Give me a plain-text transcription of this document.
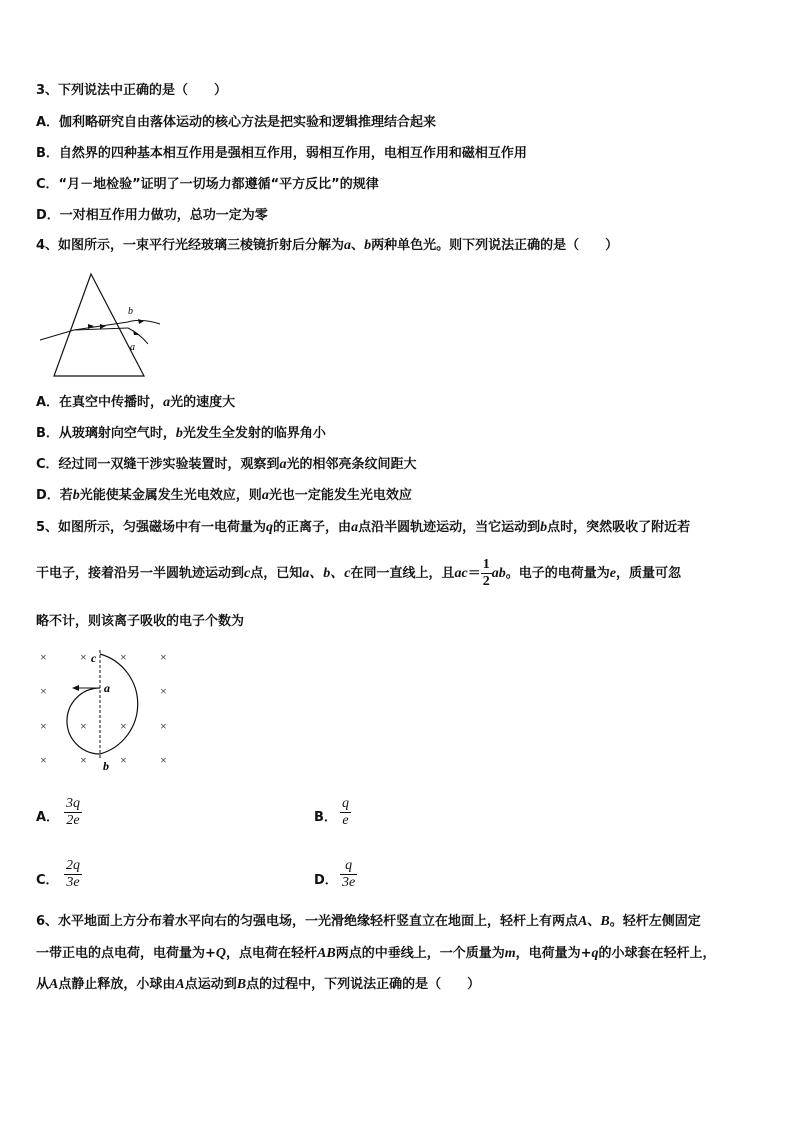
3、下列说法中正确的是（　　）
A．伽利略研究自由落体运动的核心方法是把实验和逻辑推理结合起来
B．自然界的四种基本相互作用是强相互作用，弱相互作用，电相互作用和磁相互作用
C．“月－地检验”证明了一切场力都遵循“平方反比”的规律
D．一对相互作用力做功，总功一定为零
4、如图所示，一束平行光经玻璃三棱镜折射后分解为a、b两种单色光。则下列说法正确的是（　　）
b
a
A．在真空中传播时，a光的速度大
B．从玻璃射向空气时，b光发生全发射的临界角小
C．经过同一双缝干涉实验装置时，观察到a光的相邻亮条纹间距大
D．若b光能使某金属发生光电效应，则a光也一定能发生光电效应
5、如图所示，匀强磁场中有一电荷量为q的正离子，由a点沿半圆轨迹运动，当它运动到b点时，突然吸收了附近若
干电子，接着沿另一半圆轨迹运动到c点，已知a、b、c在同一直线上，且$ac= \frac{1}{2}$ ab。电子的电荷量为e，质量可忽
略不计，则该离子吸收的电子个数为
×	×	×	×
×	×
×	×	×	×
×	×	×	×
c
a
b
A． $\frac{3q}{2e}$	B． $\frac{q}{e}$
C． $\frac{2q}{3e}$	D． $\frac{q}{3e}$
6、水平地面上方分布着水平向右的匀强电场，一光滑绝缘轻杆竖直立在地面上，轻杆上有两点A、B。轻杆左侧固定
一带正电的点电荷，电荷量为+Q，点电荷在轻杆AB两点的中垂线上，一个质量为m，电荷量为+q的小球套在轻杆上，
从A点静止释放，小球由A点运动到B点的过程中，下列说法正确的是（　　）
